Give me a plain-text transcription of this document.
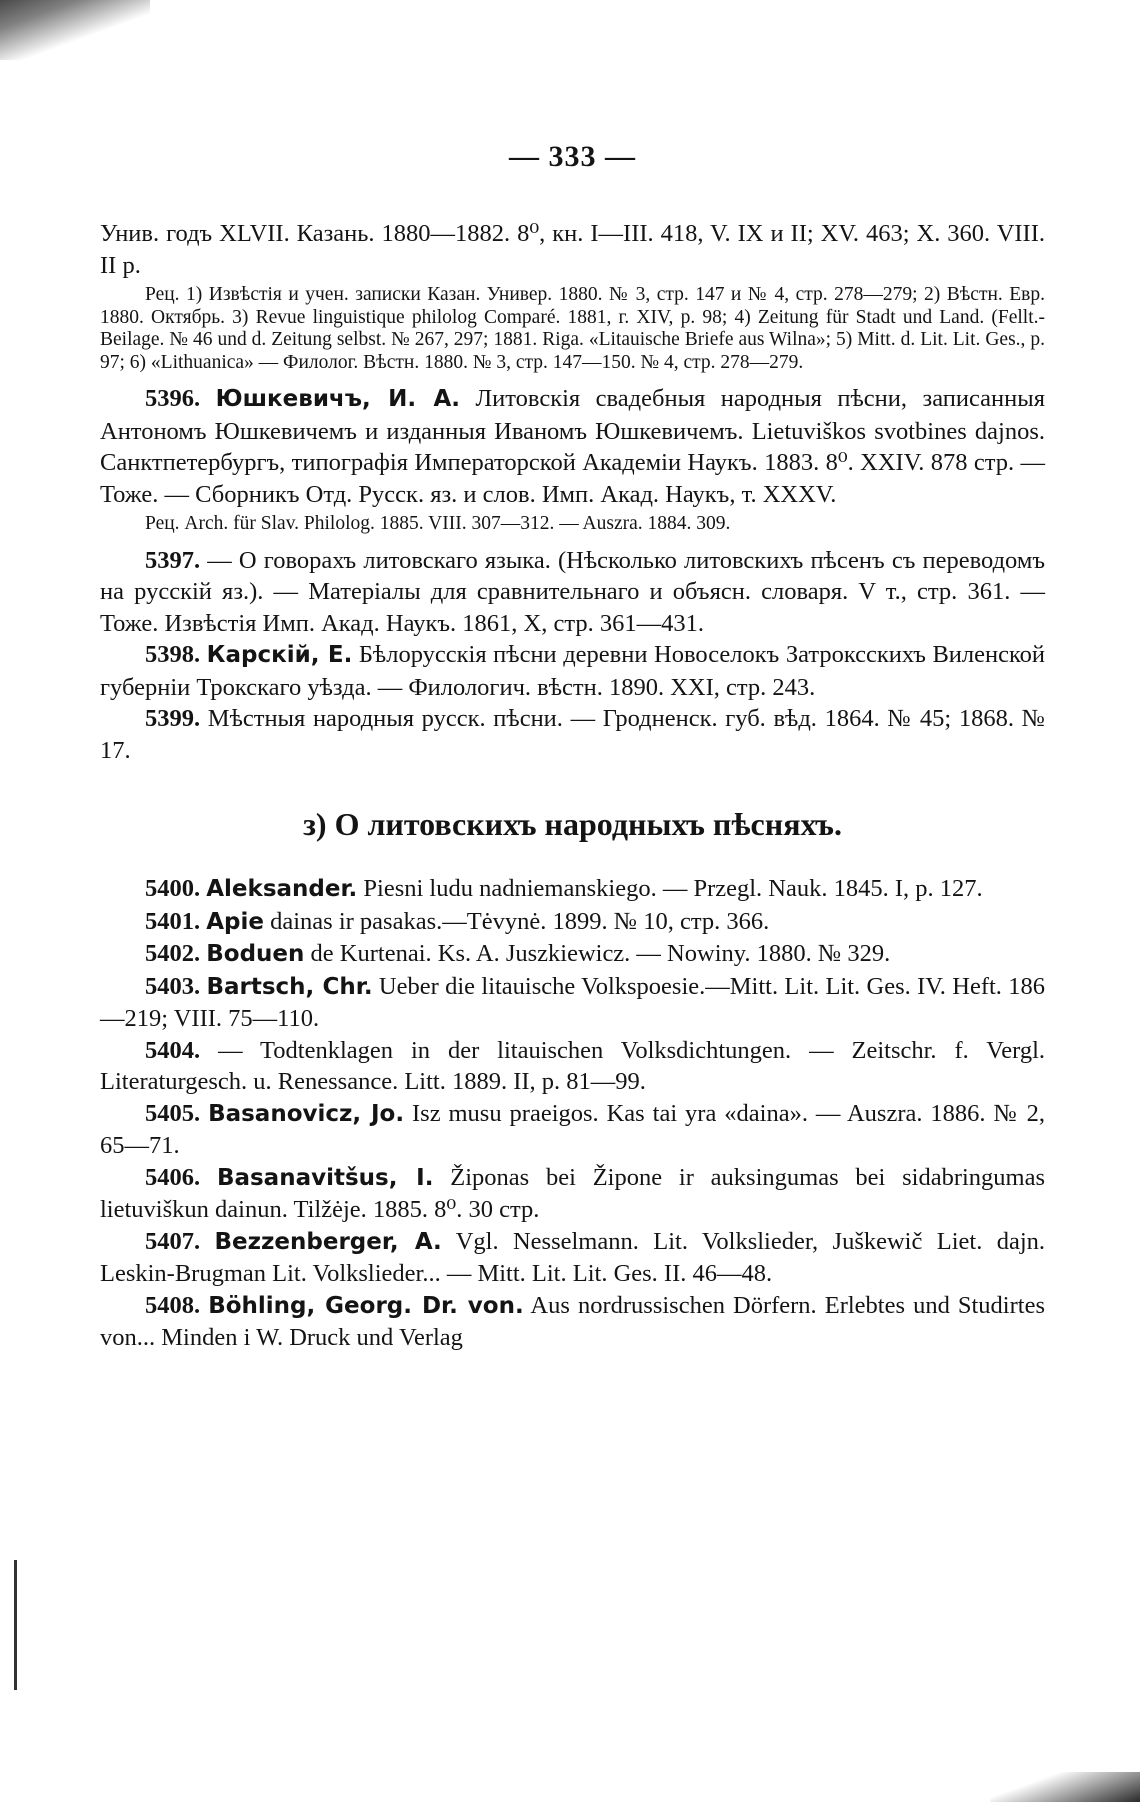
— 333 —

Унив. годъ XLVII. Казань. 1880—1882. 8⁰, кн. I—III. 418, V. IX и II; XV. 463; X. 360. VIII. II р.

Рец. 1) Извѣстія и учен. записки Казан. Универ. 1880. № 3, стр. 147 и № 4, стр. 278—279; 2) Вѣстн. Евр. 1880. Октябрь. 3) Revue linguistique philolog Comparé. 1881, г. XIV, p. 98; 4) Zeitung für Stadt und Land. (Fellt.-Beilage. № 46 und d. Zeitung selbst. № 267, 297; 1881. Riga. «Litauische Briefe aus Wilna»; 5) Mitt. d. Lit. Lit. Ges., p. 97; 6) «Lithuanica» — Филолог. Вѣстн. 1880. № 3, стр. 147—150. № 4, стр. 278—279.

5396. Юшкевичъ, И. А. Литовскія свадебныя народныя пѣсни, записанныя Антономъ Юшкевичемъ и изданныя Иваномъ Юшкевичемъ. Lietuviškos svotbines dajnos. Санктпетербургъ, типографія Императорской Академіи Наукъ. 1883. 8⁰. XXIV. 878 стр. — Тоже. — Сборникъ Отд. Русск. яз. и слов. Имп. Акад. Наукъ, т. XXXV.

Рец. Arch. für Slav. Philolog. 1885. VIII. 307—312. — Auszra. 1884. 309.

5397. — О говорахъ литовскаго языка. (Нѣсколько литовскихъ пѣсенъ съ переводомъ на русскій яз.). — Матеріалы для сравнительнаго и объясн. словаря. V т., стр. 361. — Тоже. Извѣстія Имп. Акад. Наукъ. 1861, X, стр. 361—431.

5398. Карскій, Е. Бѣлорусскія пѣсни деревни Новоселокъ Затроксскихъ Виленской губерніи Трокскаго уѣзда. — Филологич. вѣстн. 1890. XXI, стр. 243.

5399. Мѣстныя народныя русск. пѣсни. — Гродненск. губ. вѣд. 1864. № 45; 1868. № 17.

з) О литовскихъ народныхъ пѣсняхъ.

5400. Aleksander. Piesni ludu nadniemanskiego. — Przegl. Nauk. 1845. I, p. 127.

5401. Apie dainas ir pasakas.—Tėvynė. 1899. № 10, стр. 366.

5402. Boduen de Kurtenai. Ks. A. Juszkiewicz. — Nowiny. 1880. № 329.

5403. Bartsch, Chr. Ueber die litauische Volkspoesie.—Mitt. Lit. Lit. Ges. IV. Heft. 186—219; VIII. 75—110.

5404. — Todtenklagen in der litauischen Volksdichtungen. — Zeitschr. f. Vergl. Literaturgesch. u. Renessance. Litt. 1889. II, p. 81—99.

5405. Basanovicz, Jo. Isz musu praeigos. Kas tai yra «daina». — Auszra. 1886. № 2, 65—71.

5406. Basanavitšus, I. Žiponas bei Žipone ir auksingumas bei sidabringumas lietuviškun dainun. Tilžėje. 1885. 8⁰. 30 стр.

5407. Bezzenberger, A. Vgl. Nesselmann. Lit. Volkslieder, Juškewič Liet. dajn. Leskin-Brugman Lit. Volkslieder... — Mitt. Lit. Lit. Ges. II. 46—48.

5408. Böhling, Georg. Dr. von. Aus nordrussischen Dörfern. Erlebtes und Studirtes von... Minden i W. Druck und Verlag
